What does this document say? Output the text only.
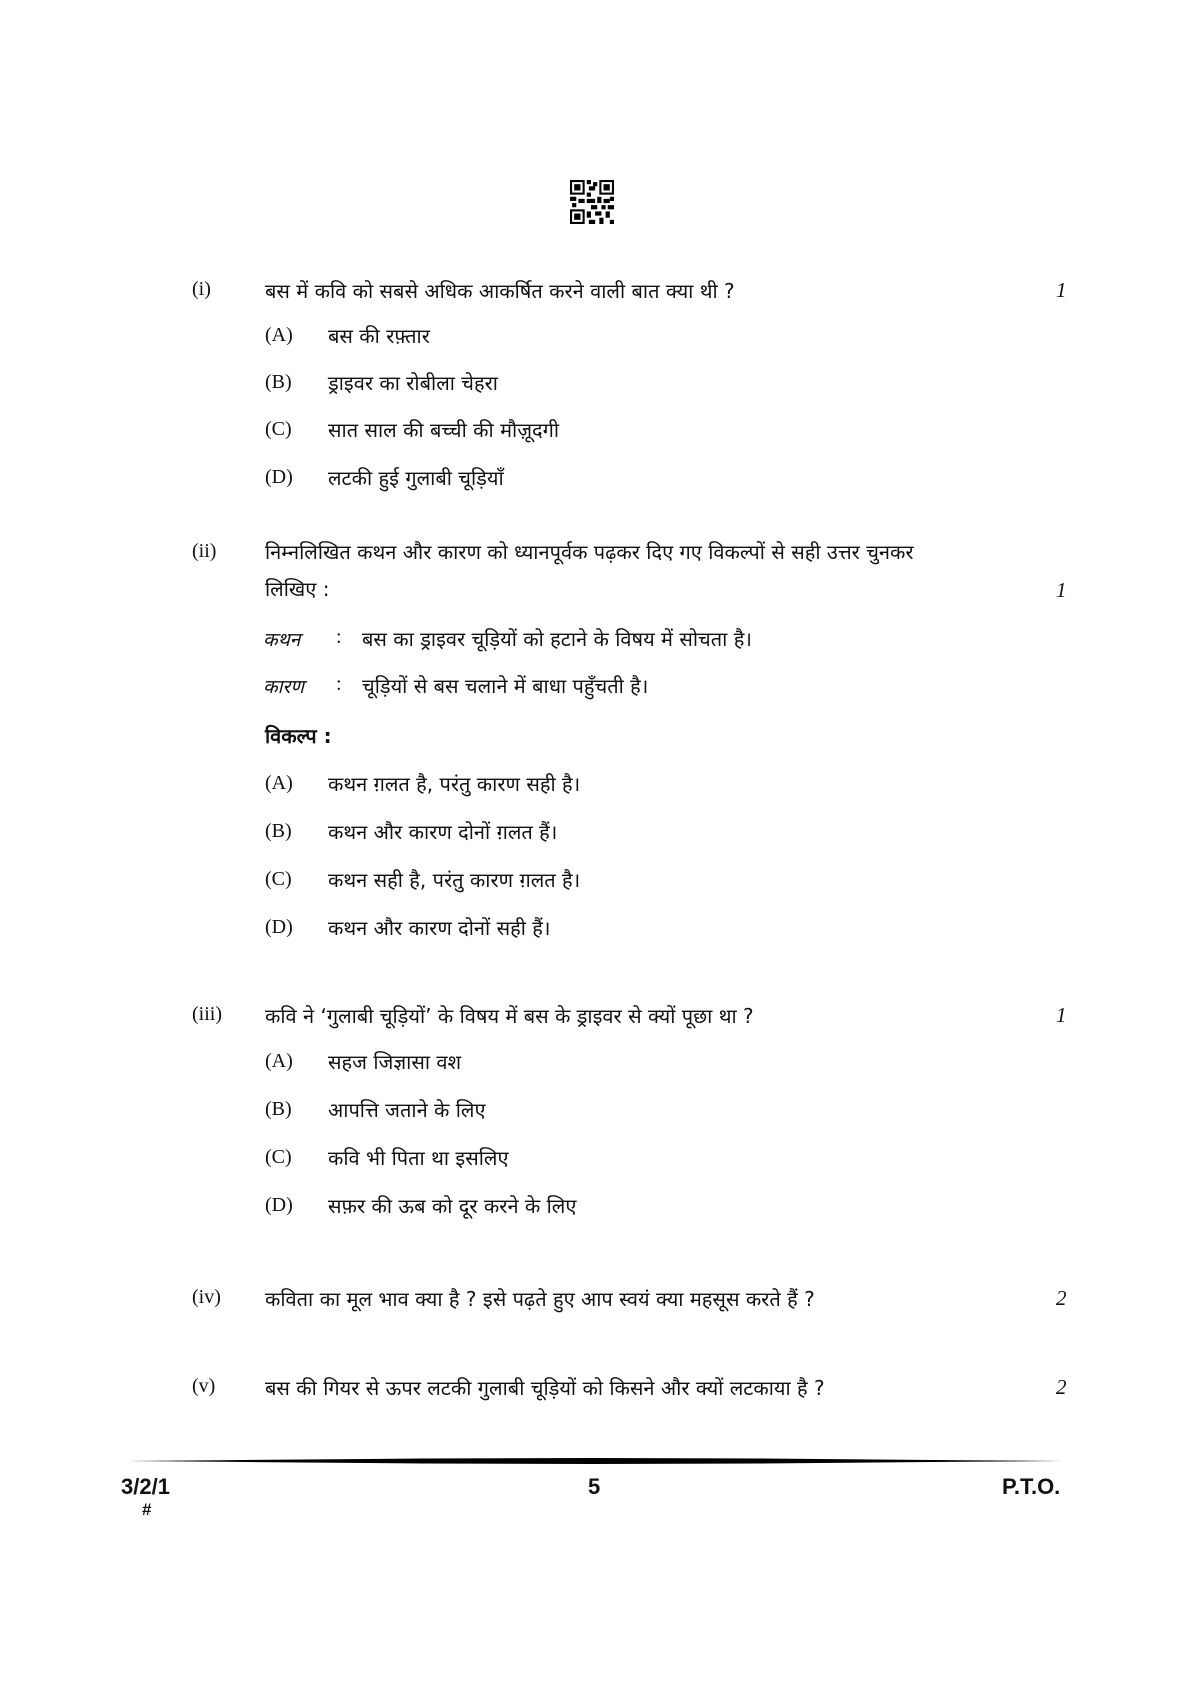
(i)	बस में कवि को सबसे अधिक आकर्षित करने वाली बात क्या थी ?	1
(A) बस की रफ़्तार
(B) ड्राइवर का रोबीला चेहरा
(C) सात साल की बच्ची की मौज़ूदगी
(D) लटकी हुई गुलाबी चूड़ियाँ
(ii) निम्नलिखित कथन और कारण को ध्यानपूर्वक पढ़कर दिए गए विकल्पों से सही उत्तर चुनकर
लिखिए :	1
कथन : बस का ड्राइवर चूड़ियों को हटाने के विषय में सोचता है।
कारण : चूड़ियों से बस चलाने में बाधा पहुँचती है।
विकल्प :
(A) कथन ग़लत है, परंतु कारण सही है।
(B) कथन और कारण दोनों ग़लत हैं।
(C) कथन सही है, परंतु कारण ग़लत है।
(D) कथन और कारण दोनों सही हैं।
(iii) कवि ने ‘गुलाबी चूड़ियों’ के विषय में बस के ड्राइवर से क्यों पूछा था ?	1
(A) सहज जिज्ञासा वश
(B) आपत्ति जताने के लिए
(C) कवि भी पिता था इसलिए
(D) सफ़र की ऊब को दूर करने के लिए
(iv) कविता का मूल भाव क्या है ? इसे पढ़ते हुए आप स्वयं क्या महसूस करते हैं ?	2
(v) बस की गियर से ऊपर लटकी गुलाबी चूड़ियों को किसने और क्यों लटकाया है ?	2
3/2/1	5	P.T.O.
#
